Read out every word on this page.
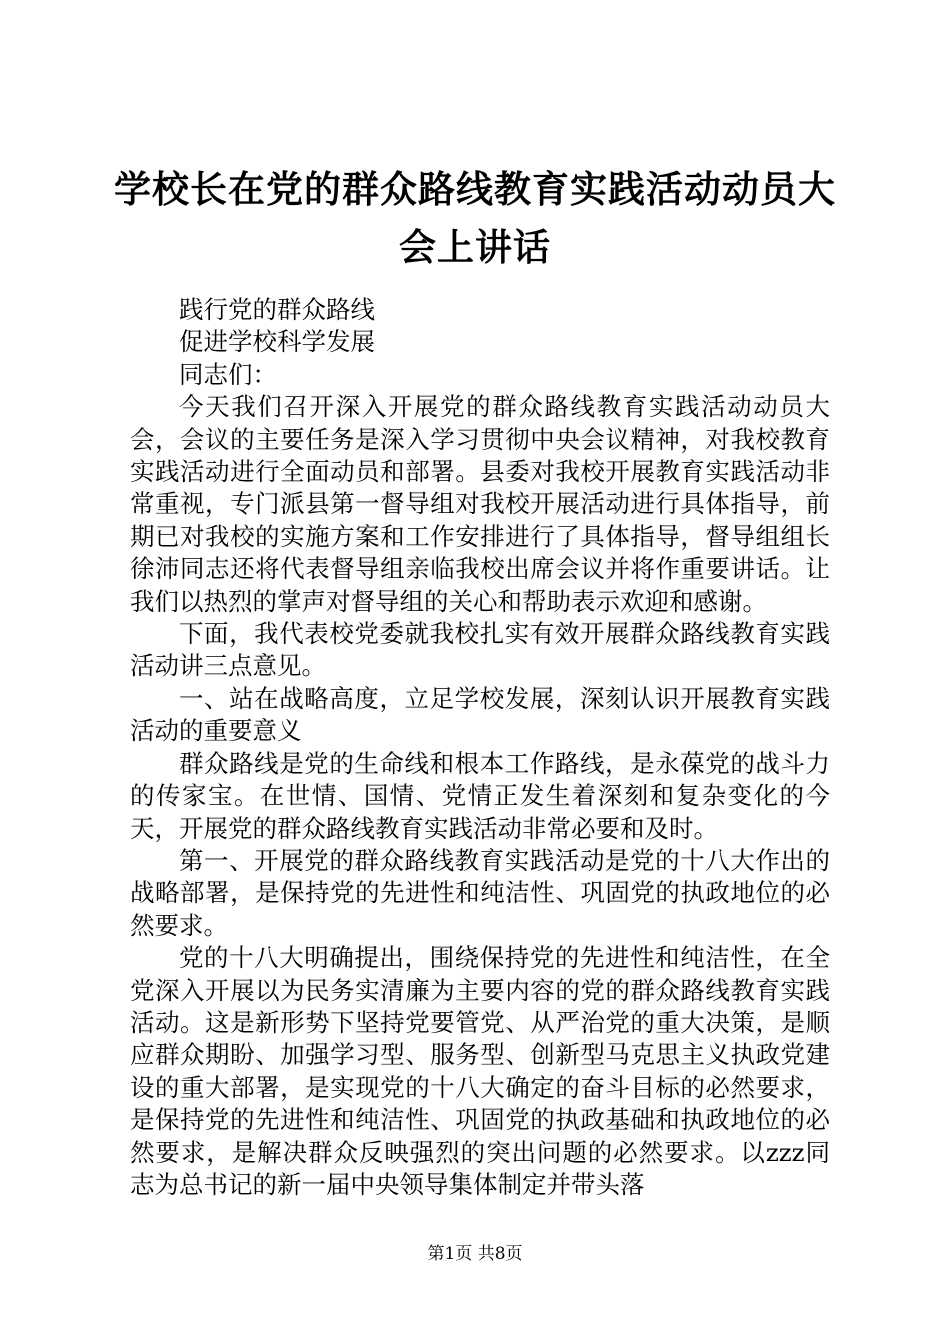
学校长在党的群众路线教育实践活动动员大会上讲话

践行党的群众路线

促进学校科学发展

同志们：

今天我们召开深入开展党的群众路线教育实践活动动员大会，会议的主要任务是深入学习贯彻中央会议精神，对我校教育实践活动进行全面动员和部署。县委对我校开展教育实践活动非常重视，专门派县第一督导组对我校开展活动进行具体指导，前期已对我校的实施方案和工作安排进行了具体指导，督导组组长徐沛同志还将代表督导组亲临我校出席会议并将作重要讲话。让我们以热烈的掌声对督导组的关心和帮助表示欢迎和感谢。

下面，我代表校党委就我校扎实有效开展群众路线教育实践活动讲三点意见。

一、站在战略高度，立足学校发展，深刻认识开展教育实践活动的重要意义

群众路线是党的生命线和根本工作路线，是永葆党的战斗力的传家宝。在世情、国情、党情正发生着深刻和复杂变化的今天，开展党的群众路线教育实践活动非常必要和及时。

第一、开展党的群众路线教育实践活动是党的十八大作出的战略部署，是保持党的先进性和纯洁性、巩固党的执政地位的必然要求。

党的十八大明确提出，围绕保持党的先进性和纯洁性，在全党深入开展以为民务实清廉为主要内容的党的群众路线教育实践活动。这是新形势下坚持党要管党、从严治党的重大决策，是顺应群众期盼、加强学习型、服务型、创新型马克思主义执政党建设的重大部署，是实现党的十八大确定的奋斗目标的必然要求，是保持党的先进性和纯洁性、巩固党的执政基础和执政地位的必然要求，是解决群众反映强烈的突出问题的必然要求。以zzz同志为总书记的新一届中央领导集体制定并带头落

第1页 共8页
